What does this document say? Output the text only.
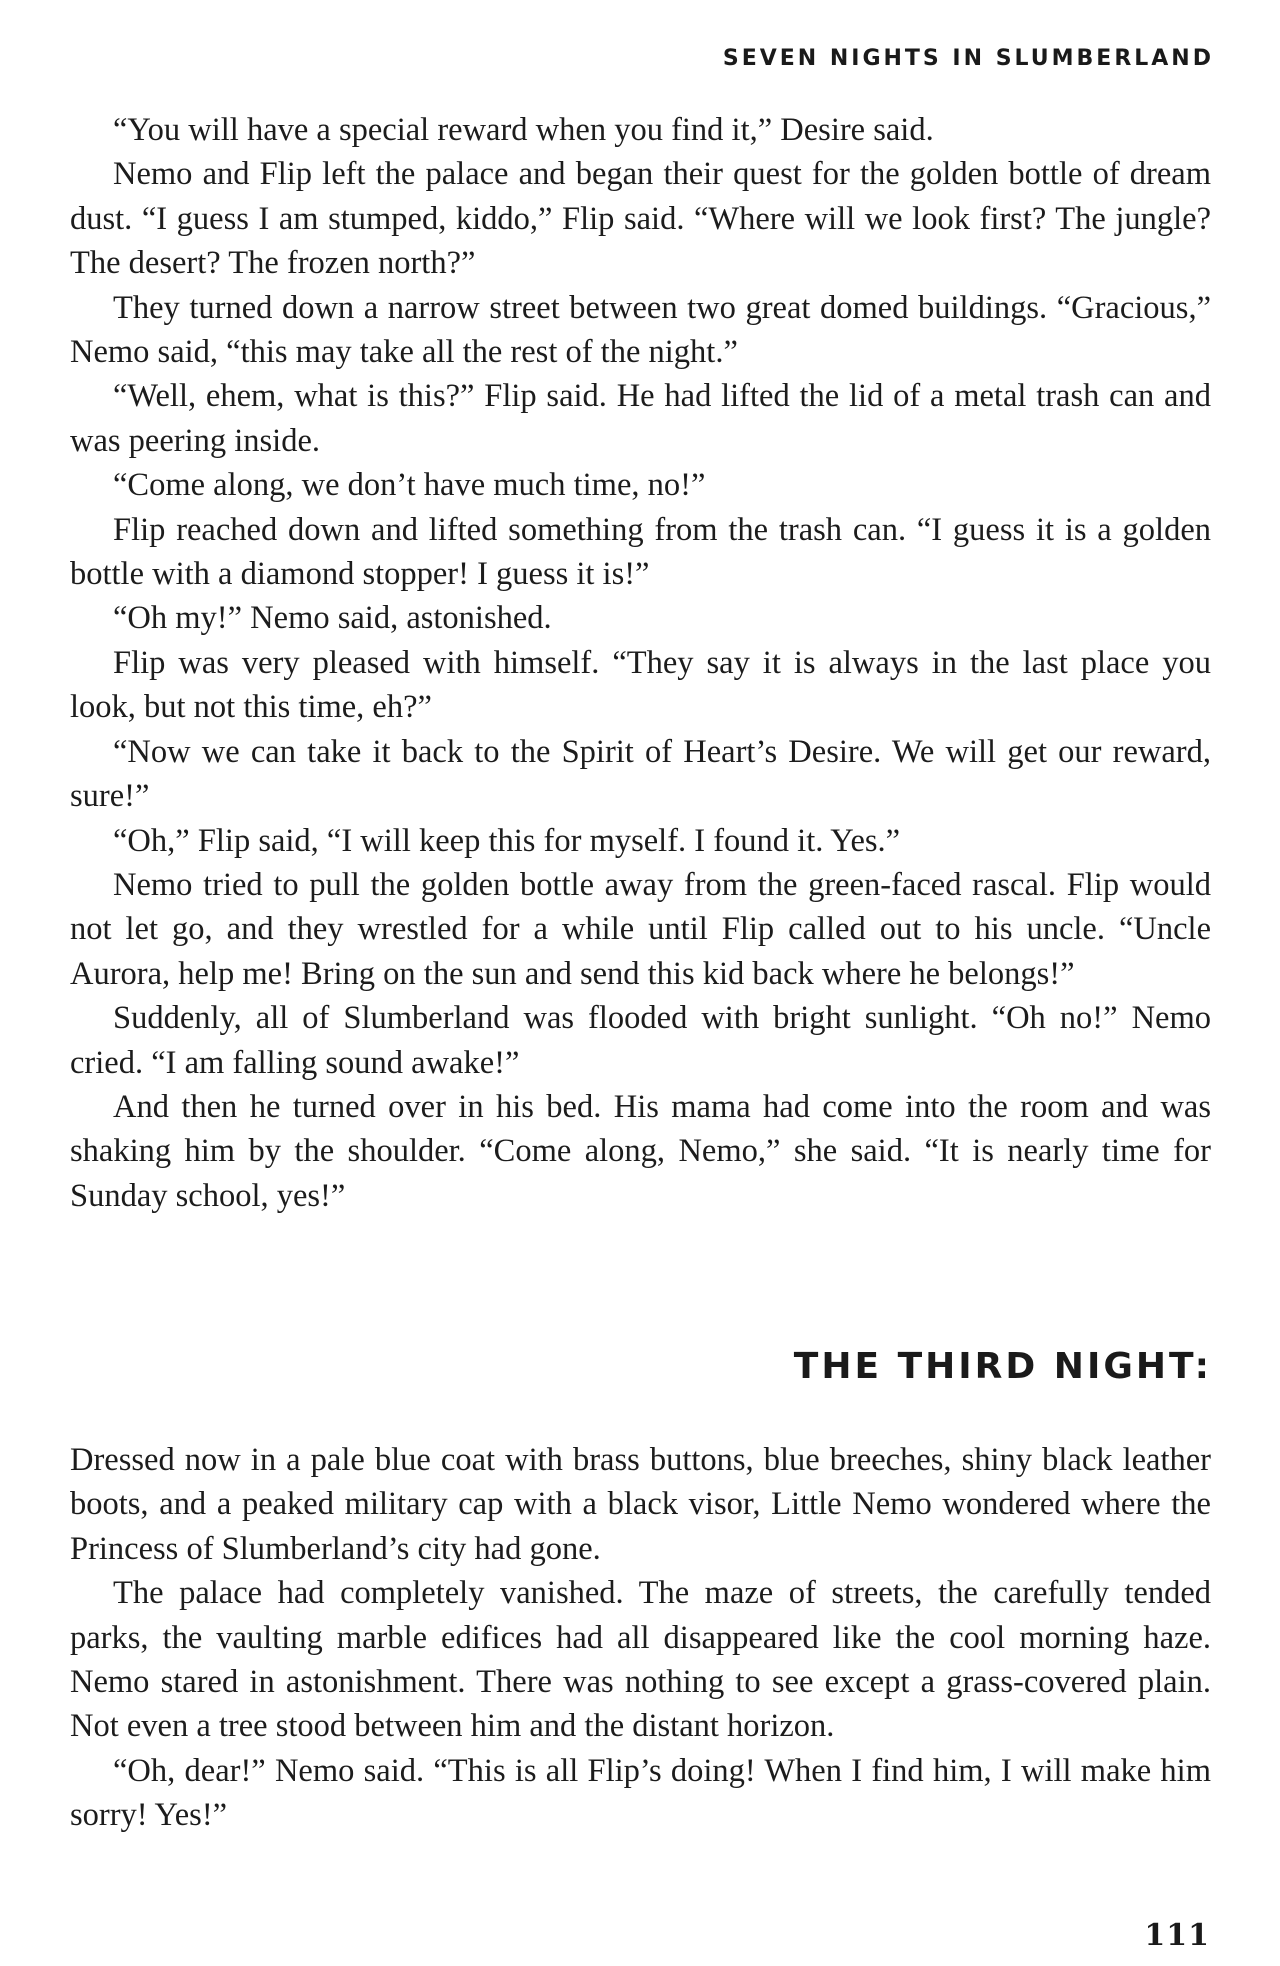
SEVEN NIGHTS IN SLUMBERLAND

“You will have a special reward when you find it,” Desire said.

Nemo and Flip left the palace and began their quest for the golden bottle of dream dust. “I guess I am stumped, kiddo,” Flip said. “Where will we look first? The jungle? The desert? The frozen north?”

They turned down a narrow street between two great domed buildings. “Gracious,” Nemo said, “this may take all the rest of the night.”

“Well, ehem, what is this?” Flip said. He had lifted the lid of a metal trash can and was peering inside.

“Come along, we don’t have much time, no!”

Flip reached down and lifted something from the trash can. “I guess it is a golden bottle with a diamond stopper! I guess it is!”

“Oh my!” Nemo said, astonished.

Flip was very pleased with himself. “They say it is always in the last place you look, but not this time, eh?”

“Now we can take it back to the Spirit of Heart’s Desire. We will get our reward, sure!”

“Oh,” Flip said, “I will keep this for myself. I found it. Yes.”

Nemo tried to pull the golden bottle away from the green-faced rascal. Flip would not let go, and they wrestled for a while until Flip called out to his uncle. “Uncle Aurora, help me! Bring on the sun and send this kid back where he belongs!”

Suddenly, all of Slumberland was flooded with bright sunlight. “Oh no!” Nemo cried. “I am falling sound awake!”

And then he turned over in his bed. His mama had come into the room and was shaking him by the shoulder. “Come along, Nemo,” she said. “It is nearly time for Sunday school, yes!”

THE THIRD NIGHT:

Dressed now in a pale blue coat with brass buttons, blue breeches, shiny black leather boots, and a peaked military cap with a black visor, Little Nemo wondered where the Princess of Slumberland’s city had gone.

The palace had completely vanished. The maze of streets, the carefully tended parks, the vaulting marble edifices had all disappeared like the cool morning haze. Nemo stared in astonishment. There was nothing to see except a grass-covered plain. Not even a tree stood between him and the distant horizon.

“Oh, dear!” Nemo said. “This is all Flip’s doing! When I find him, I will make him sorry! Yes!”

111
